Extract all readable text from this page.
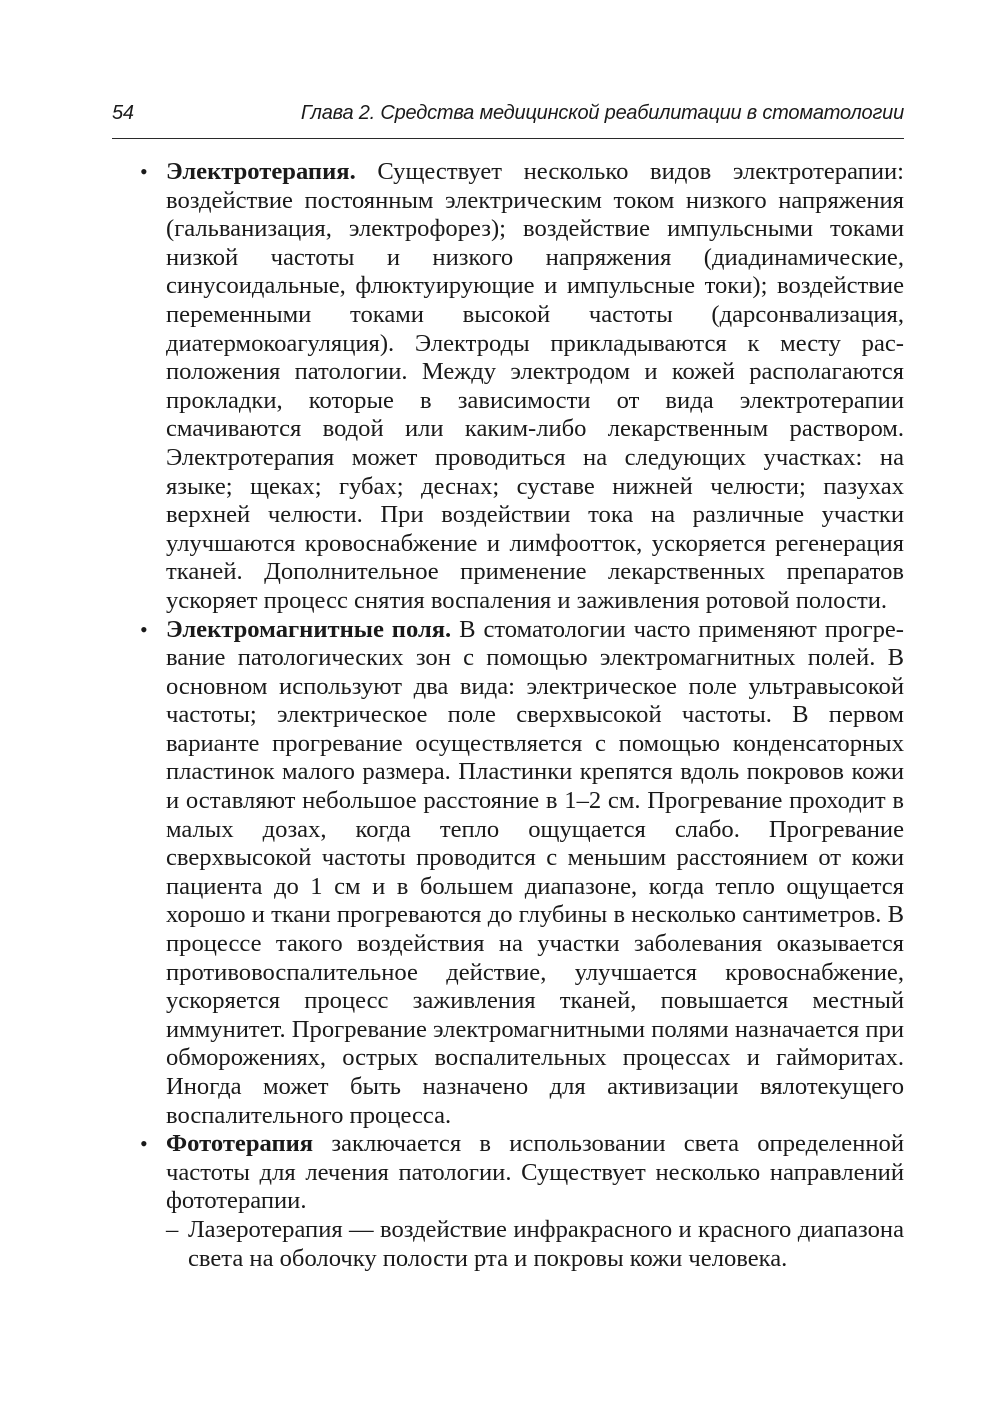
54	Глава 2. Средства медицинской реабилитации в стоматологии

• Электротерапия. Существует несколько видов электротерапии: воздействие постоянным электрическим током низкого напряжения (гальванизация, электрофорез); воздействие импульсными токами низкой частоты и низкого напряжения (диадинамические, синусоидальные, флюктуирующие и импульсные токи); воздействие переменными токами высокой частоты (дарсонвализация, диатермокоагуляция). Электроды прикладываются к месту расположения патологии. Между электродом и кожей располагаются прокладки, которые в зависимости от вида электротерапии смачиваются водой или каким-либо лекарственным раствором. Электротерапия может проводиться на следующих участках: на языке; щеках; губах; деснах; суставе нижней челюсти; пазухах верхней челюсти. При воздействии тока на различные участки улучшаются кровоснабжение и лимфоотток, ускоряется регенерация тканей. Дополнительное применение лекарственных препаратов ускоряет процесс снятия воспаления и заживления ротовой полости.

• Электромагнитные поля. В стоматологии часто применяют прогревание патологических зон с помощью электромагнитных полей. В основном используют два вида: электрическое поле ультравысокой частоты; электрическое поле сверхвысокой частоты. В первом варианте прогревание осуществляется с помощью конденсаторных пластинок малого размера. Пластинки крепятся вдоль покровов кожи и оставляют небольшое расстояние в 1–2 см. Прогревание проходит в малых дозах, когда тепло ощущается слабо. Прогревание сверхвысокой частоты проводится с меньшим расстоянием от кожи пациента до 1 см и в большем диапазоне, когда тепло ощущается хорошо и ткани прогреваются до глубины в несколько сантиметров. В процессе такого воздействия на участки заболевания оказывается противовоспалительное действие, улучшается кровоснабжение, ускоряется процесс заживления тканей, повышается местный иммунитет. Прогревание электромагнитными полями назначается при обморожениях, острых воспалительных процессах и гайморитах. Иногда может быть назначено для активизации вялотекущего воспалительного процесса.

• Фототерапия заключается в использовании света определенной частоты для лечения патологии. Существует несколько направлений фототерапии.

– Лазеротерапия — воздействие инфракрасного и красного диапазона света на оболочку полости рта и покровы кожи человека.
